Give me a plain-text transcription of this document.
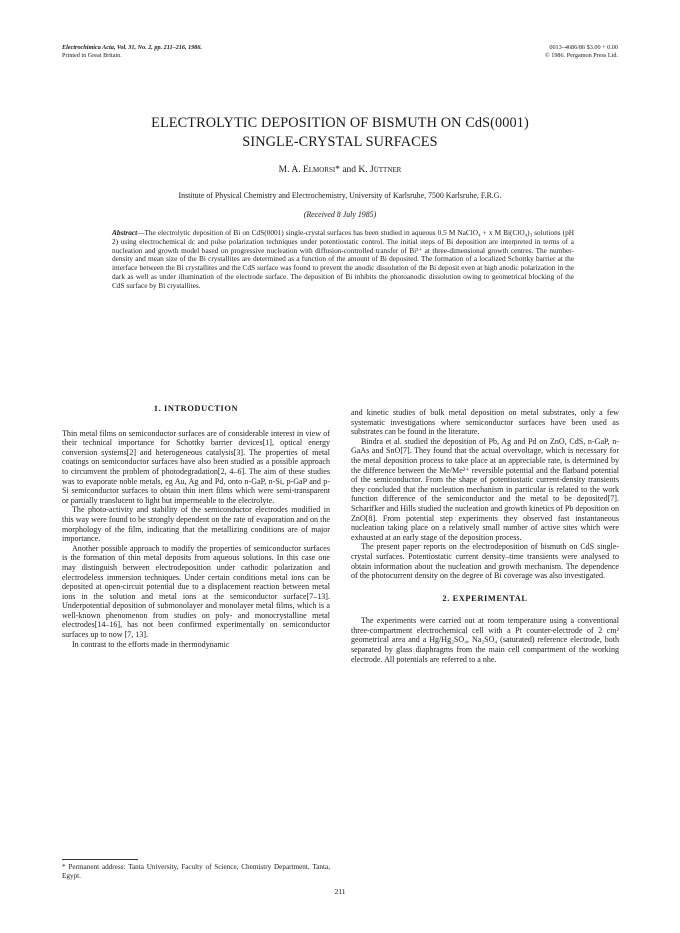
Electrochimica Acta, Vol. 31, No. 2, pp. 211–216, 1986.
Printed in Great Britain.
0013–4686/86 $3.00 + 0.00
© 1986. Pergamon Press Ltd.
ELECTROLYTIC DEPOSITION OF BISMUTH ON CdS(0001)
SINGLE-CRYSTAL SURFACES
M. A. Elmorsi* and K. Jüttner
Institute of Physical Chemistry and Electrochemistry, University of Karlsruhe, 7500 Karlsruhe, F.R.G.
(Received 8 July 1985)
Abstract—The electrolytic deposition of Bi on CdS(0001) single-crystal surfaces has been studied in aqueous 0.5 M NaClO₄ + x M Bi(ClO₄)₃ solutions (pH 2) using electrochemical dc and pulse polarization techniques under potentiostatic control. The initial steps of Bi deposition are interpreted in terms of a nucleation and growth model based on progressive nucleation with diffusion-controlled transfer of Bi³⁺ at three-dimensional growth centres. The number-density and mean size of the Bi crystallites are determined as a function of the amount of Bi deposited. The formation of a localized Schottky barrier at the interface between the Bi crystallites and the CdS surface was found to prevent the anodic dissolution of the Bi deposit even at high anodic polarization in the dark as well as under illumination of the electrode surface. The deposition of Bi inhibits the photoanodic dissolution owing to geometrical blocking of the CdS surface by Bi crystallites.

1. INTRODUCTION

Thin metal films on semiconductor surfaces are of considerable interest in view of their technical importance for Schottky barrier devices[1], optical energy conversion systems[2] and heterogeneous catalysis[3]. The properties of metal coatings on semiconductor surfaces have also been studied as a possible approach to circumvent the problem of photodegradation[2, 4–6]. The aim of these studies was to evaporate noble metals, eg Au, Ag and Pd, onto n-GaP, n-Si, p-GaP and p-Si semiconductor surfaces to obtain thin inert films which were semi-transparent or partially translucent to light but impermeable to the electrolyte.

The photo-activity and stability of the semiconductor electrodes modified in this way were found to be strongly dependent on the rate of evaporation and on the morphology of the film, indicating that the metallizing conditions are of major importance.

Another possible approach to modify the properties of semiconductor surfaces is the formation of thin metal deposits from aqueous solutions. In this case one may distinguish between electrodeposition under cathodic polarization and electrodeless immersion techniques. Under certain conditions metal ions can be deposited at open-circuit potential due to a displacement reaction between metal ions in the solution and metal ions at the semiconductor surface[7–13]. Underpotential deposition of submonolayer and monolayer metal films, which is a well-known phenomenon from studies on poly- and monocrystalline metal electrodes[14–16], has not been confirmed experimentally on semiconductor surfaces up to now [7, 13].

In contrast to the efforts made in thermodynamic

* Permanent address: Tanta University, Faculty of Science, Chemistry Department, Tanta, Egypt.

and kinetic studies of bulk metal deposition on metal substrates, only a few systematic investigations where semiconductor surfaces have been used as substrates can be found in the literature.

Bindra et al. studied the deposition of Pb, Ag and Pd on ZnO, CdS, n-GaP, n-GaAs and SnO[7]. They found that the actual overvoltage, which is necessary for the metal deposition process to take place at an appreciable rate, is determined by the difference between the Me/Me²⁺ reversible potential and the flatband potential of the semiconductor. From the shape of potentiostatic current-density transients they concluded that the nucleation mechanism in particular is related to the work function difference of the semiconductor and the metal to be deposited[7]. Scharifker and Hills studied the nucleation and growth kinetics of Pb deposition on ZnO[8]. From potential step experiments they observed fast instantaneous nucleation taking place on a relatively small number of active sites which were exhausted at an early stage of the deposition process.

The present paper reports on the electrodeposition of bismuth on CdS single-crystal surfaces. Potentiostatic current density–time transients were analysed to obtain information about the nucleation and growth mechanism. The dependence of the photocurrent density on the degree of Bi coverage was also investigated.

2. EXPERIMENTAL

The experiments were carried out at room temperature using a conventional three-compartment electrochemical cell with a Pt counter-electrode of 2 cm² geometrical area and a Hg/Hg₂SO₄, Na₂SO₄ (saturated) reference electrode, both separated by glass diaphragms from the main cell compartment of the working electrode. All potentials are referred to a nhe.

211
